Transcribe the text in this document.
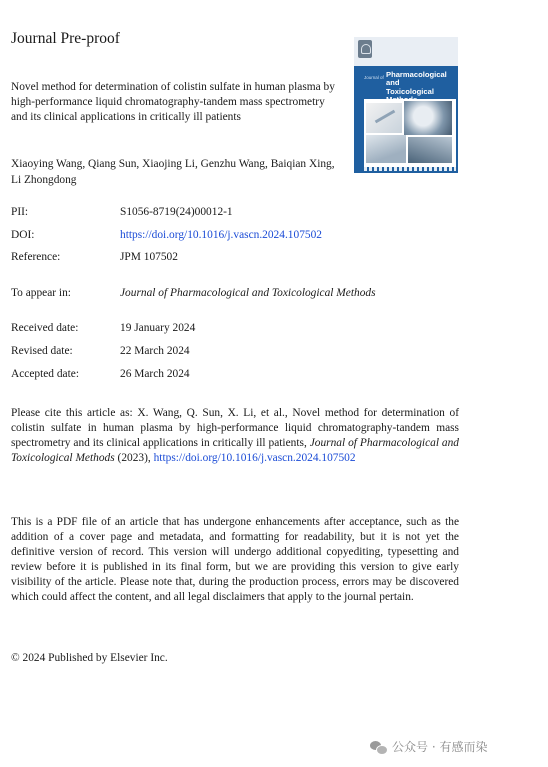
Journal Pre-proof
Novel method for determination of colistin sulfate in human plasma by high-performance liquid chromatography-tandem mass spectrometry and its clinical applications in critically ill patients
Xiaoying Wang, Qiang Sun, Xiaojing Li, Genzhu Wang, Baiqian Xing, Li Zhongdong
Journal of Pharmacological and
Toxicological
PII:	S1056-8719(24)00012-1
DOI:	https://doi.org/10.1016/j.vascn.2024.107502
Reference:	JPM 107502
To appear in:	Journal of Pharmacological and Toxicological Methods
Received date:	19 January 2024
Revised date:	22 March 2024
Accepted date:	26 March 2024
Please cite this article as: X. Wang, Q. Sun, X. Li, et al., Novel method for determination of colistin sulfate in human plasma by high-performance liquid chromatography-tandem mass spectrometry and its clinical applications in critically ill patients, Journal of Pharmacological and Toxicological Methods (2023), https://doi.org/10.1016/j.vascn.2024.107502
This is a PDF file of an article that has undergone enhancements after acceptance, such as the addition of a cover page and metadata, and formatting for readability, but it is not yet the definitive version of record. This version will undergo additional copyediting, typesetting and review before it is published in its final form, but we are providing this version to give early visibility of the article. Please note that, during the production process, errors may be discovered which could affect the content, and all legal disclaimers that apply to the journal pertain.
© 2024 Published by Elsevier Inc.
公众号 · 有感而染
